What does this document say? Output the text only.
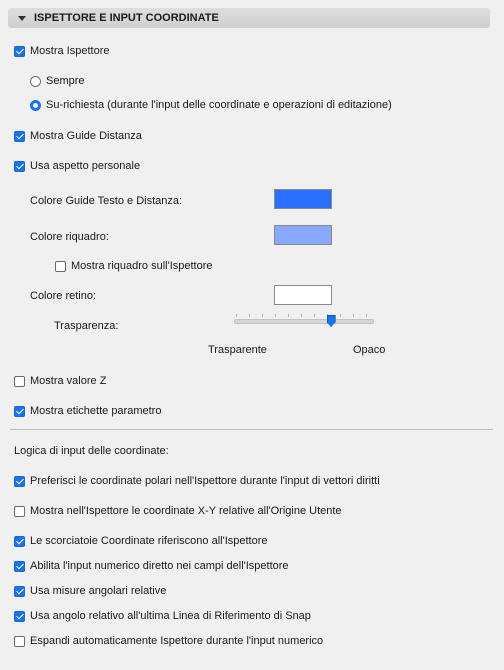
ISPETTORE E INPUT COORDINATE
Mostra Ispettore
Sempre
Su-richiesta (durante l'input delle coordinate e operazioni di editazione)
Mostra Guide Distanza
Usa aspetto personale
Colore Guide Testo e Distanza:
Colore riquadro:
Mostra riquadro sull'Ispettore
Colore retino:
Trasparenza:
Trasparente	Opaco
Mostra valore Z
Mostra etichette parametro
Logica di input delle coordinate:
Preferisci le coordinate polari nell'Ispettore durante l'input di vettori diritti
Mostra nell'Ispettore le coordinate X-Y relative all'Origine Utente
Le scorciatoie Coordinate riferiscono all'Ispettore
Abilita l'input numerico diretto nei campi dell'Ispettore
Usa misure angolari relative
Usa angolo relativo all'ultima Linea di Riferimento di Snap
Espandi automaticamente Ispettore durante l'input numerico
